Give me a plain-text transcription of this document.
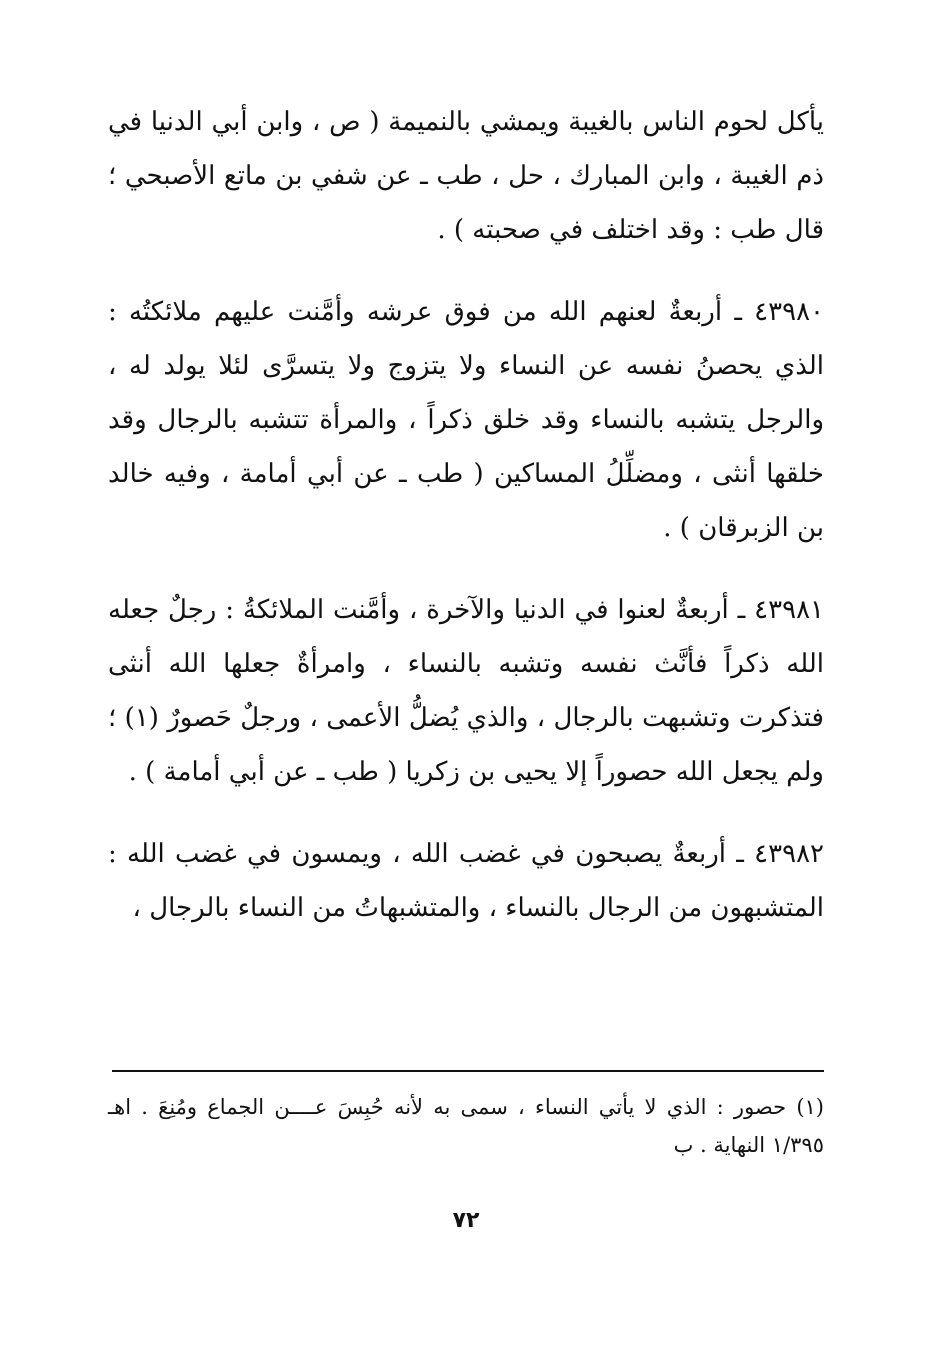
يأكل لحوم الناس بالغيبة ويمشي بالنميمة ( ص ، وابن أبي الدنيا في ذم الغيبة ، وابن المبارك ، حل ، طب ـ عن شفي بن ماتع الأصبحي ؛ قال طب : وقد اختلف في صحبته ) .

٤٣٩٨٠ ـ أربعةٌ لعنهم الله من فوق عرشه وأمَّنت عليهم ملائكتُه : الذي يحصنُ نفسه عن النساء ولا يتزوج ولا يتسرَّى لئلا يولد له ، والرجل يتشبه بالنساء وقد خلق ذكراً ، والمرأة تتشبه بالرجال وقد خلقها أنثى ، ومضلِّلُ المساكين ( طب ـ عن أبي أمامة ، وفيه خالد بن الزبرقان ) .

٤٣٩٨١ ـ أربعةٌ لعنوا في الدنيا والآخرة ، وأمَّنت الملائكةُ : رجلٌ جعله الله ذكراً فأنَّث نفسه وتشبه بالنساء ، وامرأةٌ جعلها الله أنثى فتذكرت وتشبهت بالرجال ، والذي يُضلُّ الأعمى ، ورجلٌ حَصورٌ (١) ؛ ولم يجعل الله حصوراً إلا يحيى بن زكريا ( طب ـ عن أبي أمامة ) .

٤٣٩٨٢ ـ أربعةٌ يصبحون في غضب الله ، ويمسون في غضب الله : المتشبهون من الرجال بالنساء ، والمتشبهاتُ من النساء بالرجال ،

(١) حصور : الذي لا يأتي النساء ، سمى به لأنه حُبِسَ عــــن الجماع ومُنِعَ . اهـ ١/٣٩٥ النهاية . ب
٧٢
